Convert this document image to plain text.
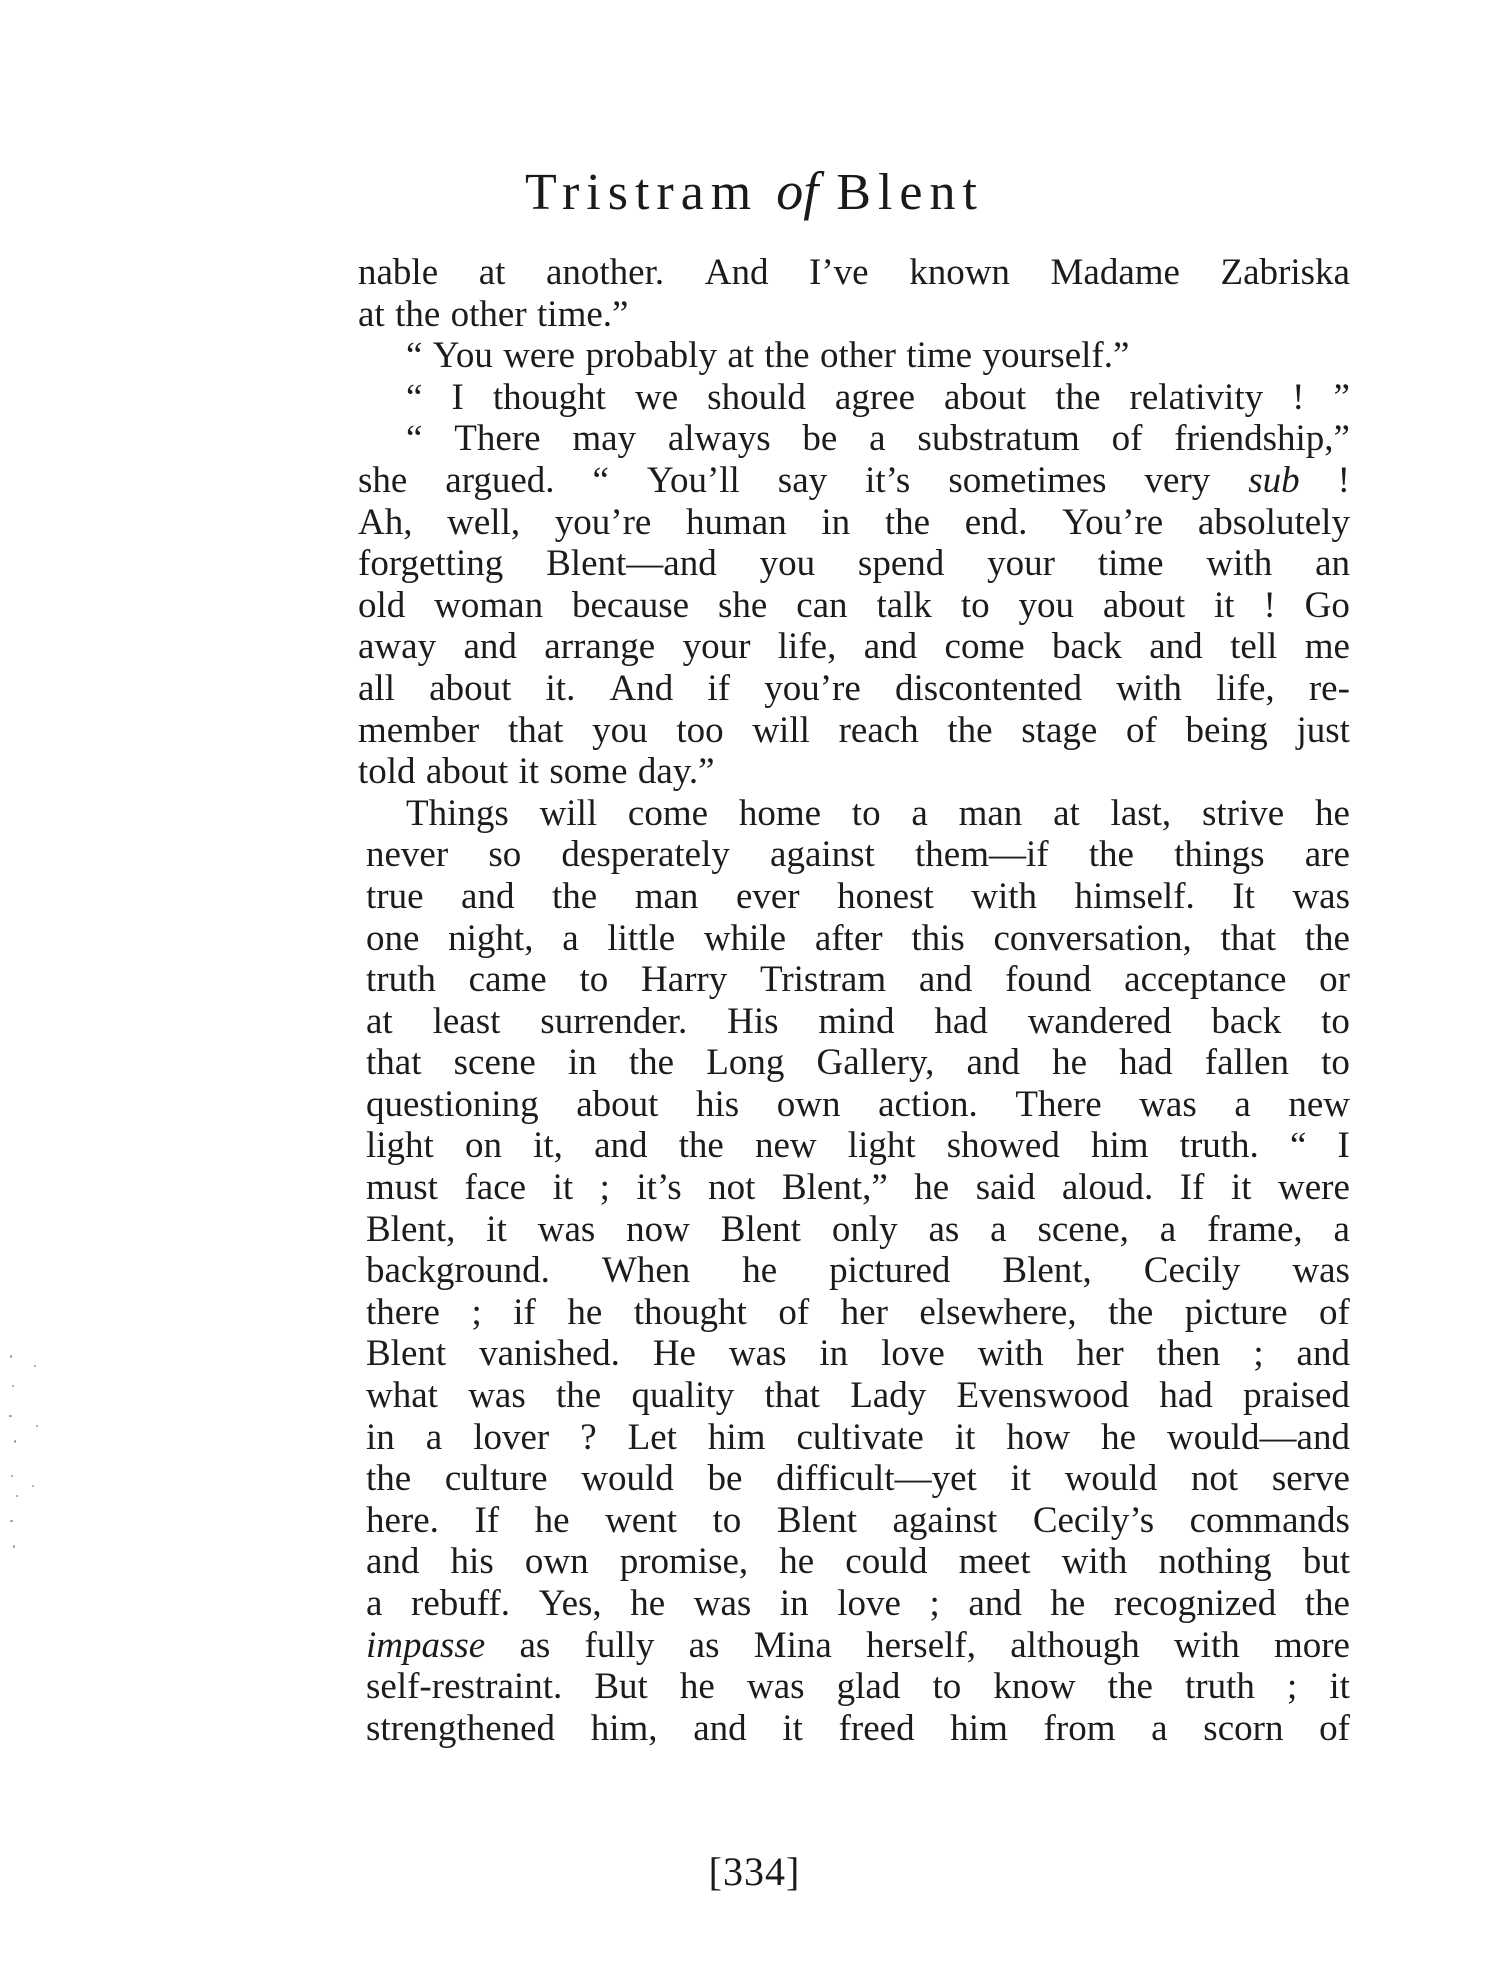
Tristram of Blent
nable at another. And I’ve known Madame Zabriska
at the other time.”
“ You were probably at the other time yourself.”
“ I thought we should agree about the relativity ! ”
“ There may always be a substratum of friendship,”
she argued. “ You’ll say it’s sometimes very sub !
Ah, well, you’re human in the end. You’re absolutely
forgetting Blent—and you spend your time with an
old woman because she can talk to you about it ! Go
away and arrange your life, and come back and tell me
all about it. And if you’re discontented with life, re-
member that you too will reach the stage of being just
told about it some day.”
Things will come home to a man at last, strive he
never so desperately against them—if the things are
true and the man ever honest with himself. It was
one night, a little while after this conversation, that the
truth came to Harry Tristram and found acceptance or
at least surrender. His mind had wandered back to
that scene in the Long Gallery, and he had fallen to
questioning about his own action. There was a new
light on it, and the new light showed him truth. “ I
must face it ; it’s not Blent,” he said aloud. If it were
Blent, it was now Blent only as a scene, a frame, a
background. When he pictured Blent, Cecily was
there ; if he thought of her elsewhere, the picture of
Blent vanished. He was in love with her then ; and
what was the quality that Lady Evenswood had praised
in a lover ? Let him cultivate it how he would—and
the culture would be difficult—yet it would not serve
here. If he went to Blent against Cecily’s commands
and his own promise, he could meet with nothing but
a rebuff. Yes, he was in love ; and he recognized the
impasse as fully as Mina herself, although with more
self-restraint. But he was glad to know the truth ; it
strengthened him, and it freed him from a scorn of
[334]
